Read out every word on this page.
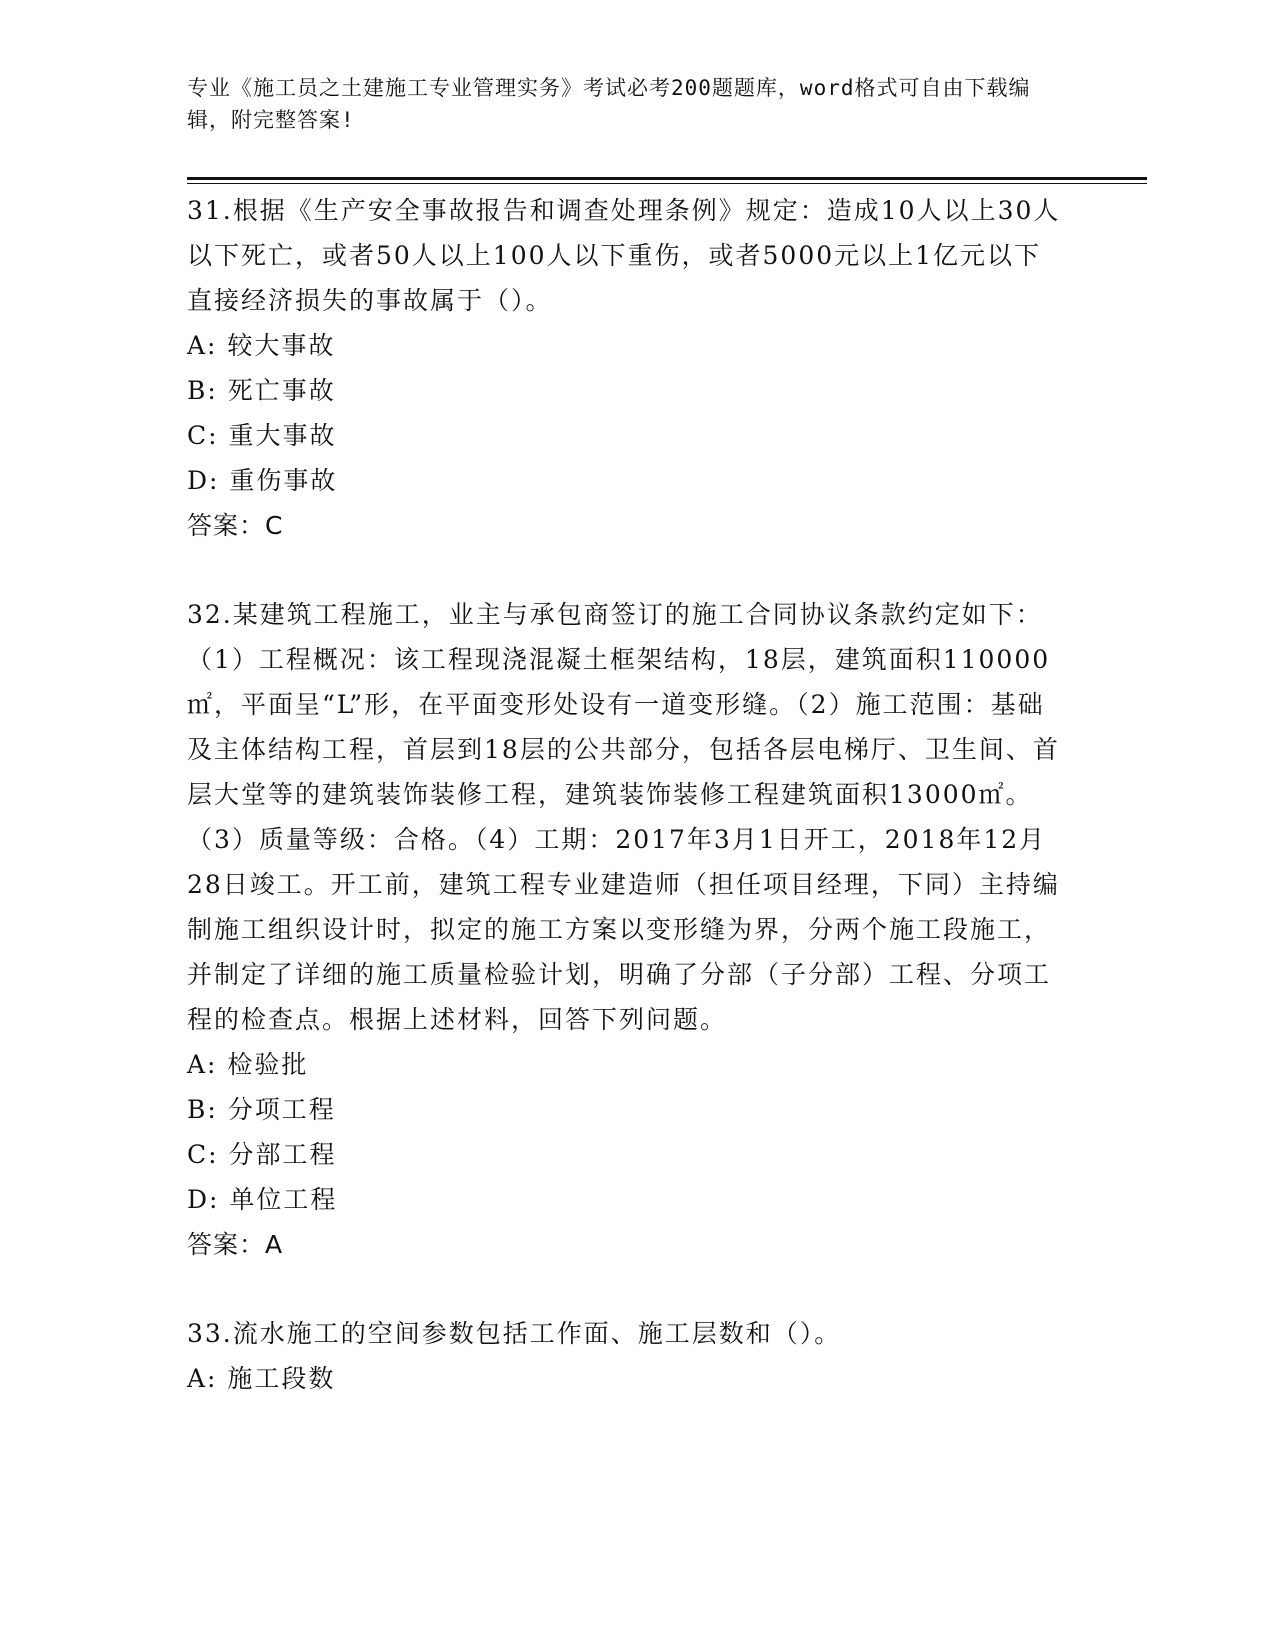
专业《施工员之土建施工专业管理实务》考试必考200题题库，word格式可自由下载编辑，附完整答案!

31.根据《生产安全事故报告和调查处理条例》规定：造成10人以上30人以下死亡，或者50人以上100人以下重伤，或者5000元以上1亿元以下直接经济损失的事故属于（）。

A: 较大事故

B: 死亡事故

C: 重大事故

D: 重伤事故

答案：C

32.某建筑工程施工，业主与承包商签订的施工合同协议条款约定如下：（1）工程概况：该工程现浇混凝土框架结构，18层，建筑面积110000㎡，平面呈“L”形，在平面变形处设有一道变形缝。（2）施工范围：基础及主体结构工程，首层到18层的公共部分，包括各层电梯厅、卫生间、首层大堂等的建筑装饰装修工程，建筑装饰装修工程建筑面积13000㎡。（3）质量等级：合格。（4）工期：2017年3月1日开工，2018年12月28日竣工。开工前，建筑工程专业建造师（担任项目经理，下同）主持编制施工组织设计时，拟定的施工方案以变形缝为界，分两个施工段施工，并制定了详细的施工质量检验计划，明确了分部（子分部）工程、分项工程的检查点。根据上述材料，回答下列问题。

A: 检验批

B: 分项工程

C: 分部工程

D: 单位工程

答案：A

33.流水施工的空间参数包括工作面、施工层数和（）。

A: 施工段数
